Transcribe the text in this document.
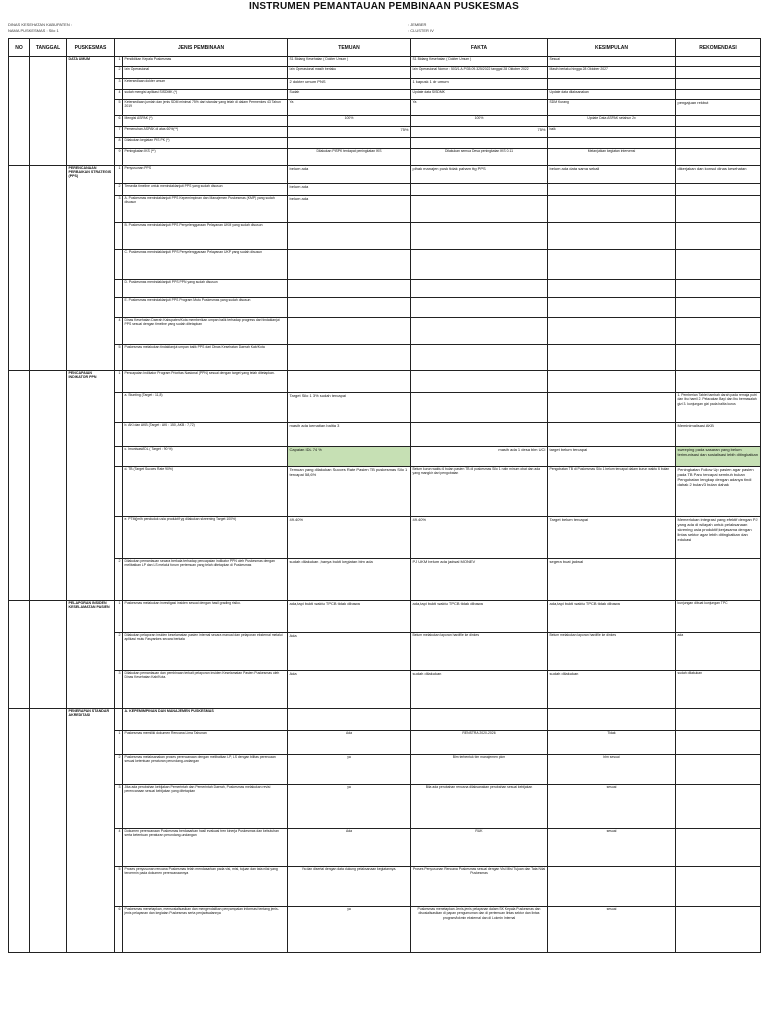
INSTRUMEN PEMANTAUAN PEMBINAAN PUSKESMAS
DINAS KESEHATAN KABUPATEN :
NAMA PUSKESMAS : Silo 1
: JEMBER
: CLUSTER IV
NO	TANGGAL	PUSKESMAS	JENIS PEMBINAAN		TEMUAN	FAKTA	KESIMPULAN	REKOMENDASI
		DATA UMUM	1	Pendidikan Kepala Puskesmas	S1 Bidang Kesehatan ( Dokter Umum )	S1 Bidang Kesehatan ( Dokter Umum )	Sesuai	
			2	Izin Operasional	Izin Operasional masih berlaku	Izin Operasional Nomor : 503/1.A.P/35.09.325/2022 tanggal 28 Oktober 2022	Masih berlaku hingga 28 Oktober 2027	
			3	Ketersediaan dokter umum	2 dokter umum PNS	1 kapusk 1 dr umum		
			4	sudah mengisi aplikasi SISDMK (*)	Sudah	Update data SISDMK	Update data dilaksanakan	
			5	Ketersediaan jumlah dan jenis SDM minimal 75% dari standar yang telah di dalam Permenkes 43 Tahun 2019	Ya	Ya	SDM Kurang	pengajuan rekbut
			6	Mengisi ASPAK (*)	100%	100%	Update Data ASPAK setahun 2x	
			7	Pemenuhan ASPAK di atas 60%(**)	75%	75%	baik	
			8	Dilakukan kegiatan PIS PK (*)				
			9	Peningkatan IKS (**)	Dilakukan PISPK terdapat peningkatan IKS	Dilakukan semua Desa peningkatan IKS 0.11	Melanjutkan kegiatan intervensi	
		PERENCANAAN PERBAIKAN STRATEGIS (PPS)	1	Penyusunan PPS	belum ada	pihak manajen pusk tidak paham ttg PPS	belum ada data sama sekali	dikerjakan dan konsul dinas kesehatan
			2	Tersedia timeline untuk menindaklanjuti PPS yang sudah disusun	belum ada			
			3	A. Puskesmas menindaklanjuti PPS Kepemimpinan dan Manajemen Puskesmas (KMP) yang sudah disusun	belum ada			
				B. Puskesmas menindaklanjuti PPS Penyelenggaraan Pelayanan UKM yang sudah disusun				
				C. Puskesmas menindaklanjuti PPS Penyelenggaraan Pelayanan UKP yang sudah disusun				
				D. Puskesmas menindaklanjuti PPS PPN yang sudah disusun				
				E. Puskesmas menindaklanjuti PPS Program Mutu Puskesmas yang sudah disusun				
			4	Dinas Kesehatan Daerah Kabupaten/Kota memberikan umpan balik terhadap progress dari tindaklanjut PPS sesuai dengan timeline yang sudah ditetapkan				
			5	Puskesmas melakukan tindaklanjut umpan balik PPS dari Dinas Kesehatan Daerah Kab/Kota				
		PENCAPAIAN INDIKATOR PPN	1	Pencapaian Indikator Program Prioritas Nasional (PPN) sesuai dengan target yang telah ditetapkan.				
				a. Stunting (Target : 11,8)	Target Silo 1 3% sudah tercapai			1. Pemberian Tablet tambah darah pada remaja putri dan ibu hamil 2. Pelacakan Bayi dan Ibu bermasalah gizi 3. kunjungan gizi pada balita kurus
				b. AKI dan AKB (Target : AKI : 150, AKB : 7,72)	masih ada kematian balita 3			Meminimalisasi AKB
				c. Imunisasi/IDL ( Target : 90 %)	Capaian IDL 74 %	masih ada 1 desa blm UCI	target belum tercapai	sweeping pada sasaran yang belum terimunisasi dan sosialisasi lebih ditingkatkan
				d. TB (Target Succes Rate 90%)	Temuan yang dilakukan Succes Rate Pasien TB puskesmas Silo 1 tercapai 58,6%	Belum kurun waktu 6 bulan pasien TB di puskesmas Silo 1 rutin minum obat dan ada yang mangkir dari pengobatan	Pengobatan TB di Puskesmas Silo 1 belum tercapai dalam kurun waktu 6 bulan	Peningkatan Follow Up pasien agar pasien pada TB Paru tercapai sembuh bukan Pengobatan lengkap dengan adanya tindi dahak 2 bulan/3 bulan dahak
				e. PTM(jmlh penduduk usia produktif yg dilakukan skreening Target 100%)	49.40%	49.40%	Target belum tercapai	Memerlukan integrasi yang efektif dengan PJ yang ada di wilayah untuk pelaksanaan skrening usia produktif;kerjasama dengan lintas sektor agar lebih ditingkatkan dan edukasi
			2	Dilakukan pemantauan secara berkala terhadap pencapaian indikator PPN oleh Puskesmas dengan melibatkan LP dan LS melalui forum pertemuan yang telah ditetapkan di Puskesmas	sudah dilakukan ,hanya bukti kegiatan blm ada	PJ UKM belum ada jadwal MONEV	segera buat jadwal	
		PELAPORAN INSIDEN KESELAMATAN PASIEN	1	Puskesmas melakukan investigasi insiden sesuai dengan hasil grading risiko.	ada,tapi bukti waktu TPCB tidak dibawa	ada,tapi bukti waktu TPCB tidak dibawa	ada,tapi bukti waktu TPCB tidak dibawa	kunjungan dibuat kunjungan TPC
			2	Dilakukan pelaporan insiden keselamatan pasien internal secara manual dan pelaporan eksternal melalui aplikasi mutu Fasyankes secara berkala	Ada	Belum melakukan laporan hardfile ke dinkes	Belum melakukan laporan hardfile ke dinkes	ada
			3	Dilakukan pemantauan dan pembinaan terkait pelaporan insiden Keselamatan Pasien Puskesmas oleh Dinas Kesehatan Kab/Kota.	Ada	sudah dilakukan	sudah dilakukan	sudah dilakukan
		PENERAPAN STANDAR AKREDITASI		A. KEPEMIMPINAN DAN MANAJEMEN PUSKESMAS				
			1	Puskesmas memiliki dokumen Rencana Lima Tahunan	Ada	RENSTRA 2020-2026	Tidak	
			2	Puskesmas melaksanakan proses perencanaan dengan melibatkan LP, LS dengan bilitas perencaan sesuai ketentuan peraturan perundang-undangan	ya	Blm terbentuk tim manajemen pkm	blm sesuai	
			3	Jika ada perubahan kebijakan Pemerintah dan Pemerintah Daerah, Puskesmas melakukan revisi perencanaan sesuai kebijakan yang ditetapkan	ya	Bila ada perubahan rencana dilaksanakan perubahan sesuai kebijakan	sesuai	
			4	Dokumen perencanaan Puskesmas berdasarkan hasil evaluasi tren kinerja Puskesmas dan kebutuhan serta ketentuan peraturan perundang-undangan	Ada	RUK	sesuai	
			5	Proses penyusunan rencana Puskesmas telah mendasarkan pada visi, misi, tujuan dan tata nilai yang tercermin pada dokumen perencanaannya	Ya dan disertai dengan data dukung pelaksanaan kegiatannya.	Proses Penyusunan Rencana Puskesmas sesuai dengan Visi Misi Tujuan dan Tata Nilai Puskesmas		
			6	Puskesmas menetapkan, mensosialisasikan dan mengendalikan penyampaian informasi tentang jenis-jenis pelayanan dan kegiatan Puskesmas serta penjadwalannya	ya	Puskesmas menetapkan Jenis-jenis pelayanan dalam SK Kepala Puskesmas dan disosialisasikan di papan pengumuman dan di pertemuan lintas sektor dan lintas program/lokmin eksternal dan di Lokmin Internal	sesuai	
